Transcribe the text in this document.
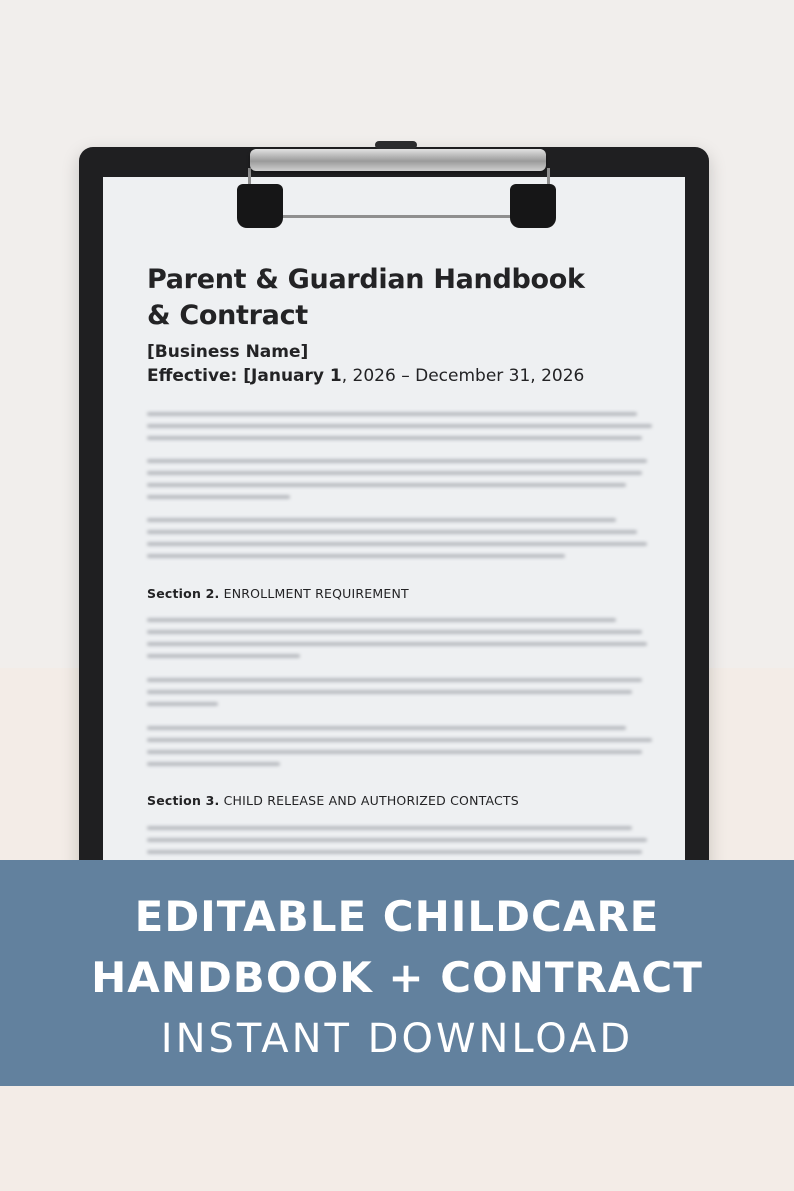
Parent & Guardian Handbook
& Contract
[Business Name]
Effective: [January 1, 2026 – December 31, 2026
Section 2. ENROLLMENT REQUIREMENT
Section 3. CHILD RELEASE AND AUTHORIZED CONTACTS
EDITABLE CHILDCARE
HANDBOOK + CONTRACT
INSTANT DOWNLOAD
